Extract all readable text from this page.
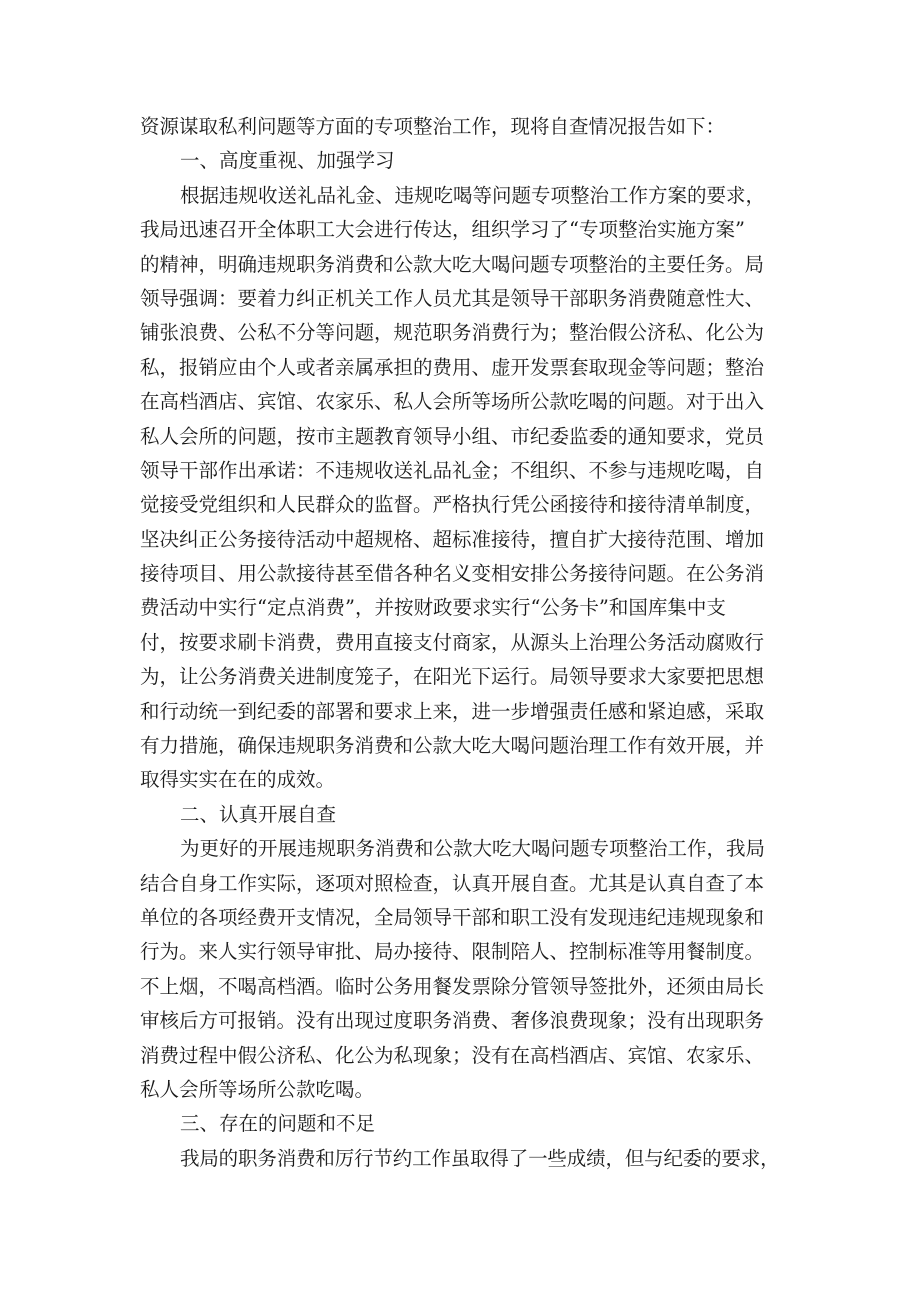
资源谋取私利问题等方面的专项整治工作，现将自查情况报告如下：
一、高度重视、加强学习
根据违规收送礼品礼金、违规吃喝等问题专项整治工作方案的要求，
我局迅速召开全体职工大会进行传达，组织学习了“专项整治实施方案”
的精神，明确违规职务消费和公款大吃大喝问题专项整治的主要任务。局
领导强调：要着力纠正机关工作人员尤其是领导干部职务消费随意性大、
铺张浪费、公私不分等问题，规范职务消费行为；整治假公济私、化公为
私，报销应由个人或者亲属承担的费用、虚开发票套取现金等问题；整治
在高档酒店、宾馆、农家乐、私人会所等场所公款吃喝的问题。对于出入
私人会所的问题，按市主题教育领导小组、市纪委监委的通知要求，党员
领导干部作出承诺：不违规收送礼品礼金；不组织、不参与违规吃喝，自
觉接受党组织和人民群众的监督。严格执行凭公函接待和接待清单制度，
坚决纠正公务接待活动中超规格、超标准接待，擅自扩大接待范围、增加
接待项目、用公款接待甚至借各种名义变相安排公务接待问题。在公务消
费活动中实行“定点消费”，并按财政要求实行“公务卡”和国库集中支
付，按要求刷卡消费，费用直接支付商家，从源头上治理公务活动腐败行
为，让公务消费关进制度笼子，在阳光下运行。局领导要求大家要把思想
和行动统一到纪委的部署和要求上来，进一步增强责任感和紧迫感，采取
有力措施，确保违规职务消费和公款大吃大喝问题治理工作有效开展，并
取得实实在在的成效。
二、认真开展自查
为更好的开展违规职务消费和公款大吃大喝问题专项整治工作，我局
结合自身工作实际，逐项对照检查，认真开展自查。尤其是认真自查了本
单位的各项经费开支情况，全局领导干部和职工没有发现违纪违规现象和
行为。来人实行领导审批、局办接待、限制陪人、控制标准等用餐制度。
不上烟，不喝高档酒。临时公务用餐发票除分管领导签批外，还须由局长
审核后方可报销。没有出现过度职务消费、奢侈浪费现象；没有出现职务
消费过程中假公济私、化公为私现象；没有在高档酒店、宾馆、农家乐、
私人会所等场所公款吃喝。
三、存在的问题和不足
我局的职务消费和厉行节约工作虽取得了一些成绩，但与纪委的要求，
